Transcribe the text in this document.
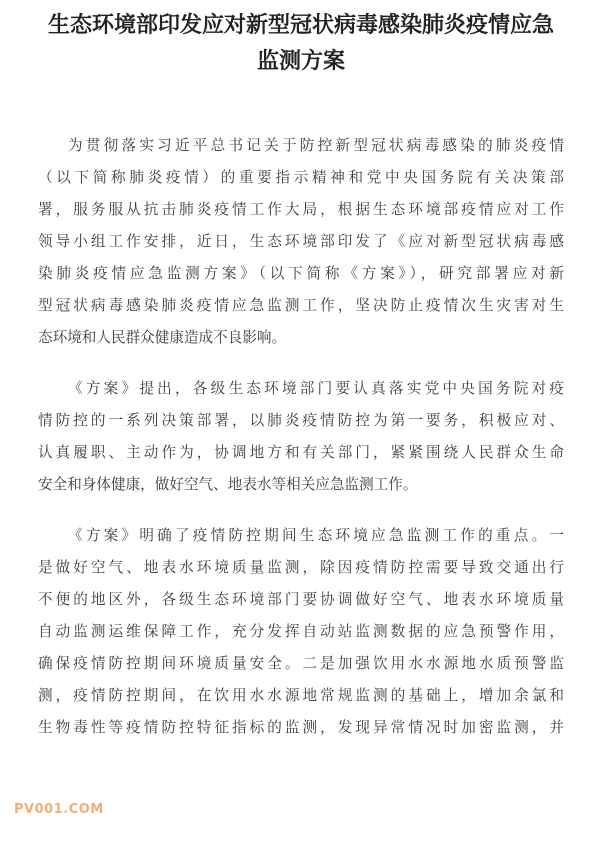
生态环境部印发应对新型冠状病毒感染肺炎疫情应急
监测方案

为贯彻落实习近平总书记关于防控新型冠状病毒感染的肺炎疫情
（以下简称肺炎疫情）的重要指示精神和党中央国务院有关决策部
署，服务服从抗击肺炎疫情工作大局，根据生态环境部疫情应对工作
领导小组工作安排，近日，生态环境部印发了《应对新型冠状病毒感
染肺炎疫情应急监测方案》（以下简称《方案》），研究部署应对新
型冠状病毒感染肺炎疫情应急监测工作，坚决防止疫情次生灾害对生
态环境和人民群众健康造成不良影响。

《方案》提出，各级生态环境部门要认真落实党中央国务院对疫
情防控的一系列决策部署，以肺炎疫情防控为第一要务，积极应对、
认真履职、主动作为，协调地方和有关部门，紧紧围绕人民群众生命
安全和身体健康，做好空气、地表水等相关应急监测工作。

《方案》明确了疫情防控期间生态环境应急监测工作的重点。一
是做好空气、地表水环境质量监测，除因疫情防控需要导致交通出行
不便的地区外，各级生态环境部门要协调做好空气、地表水环境质量
自动监测运维保障工作，充分发挥自动站监测数据的应急预警作用，
确保疫情防控期间环境质量安全。二是加强饮用水水源地水质预警监
测，疫情防控期间，在饮用水水源地常规监测的基础上，增加余氯和
生物毒性等疫情防控特征指标的监测，发现异常情况时加密监测，并

PV001.COM
